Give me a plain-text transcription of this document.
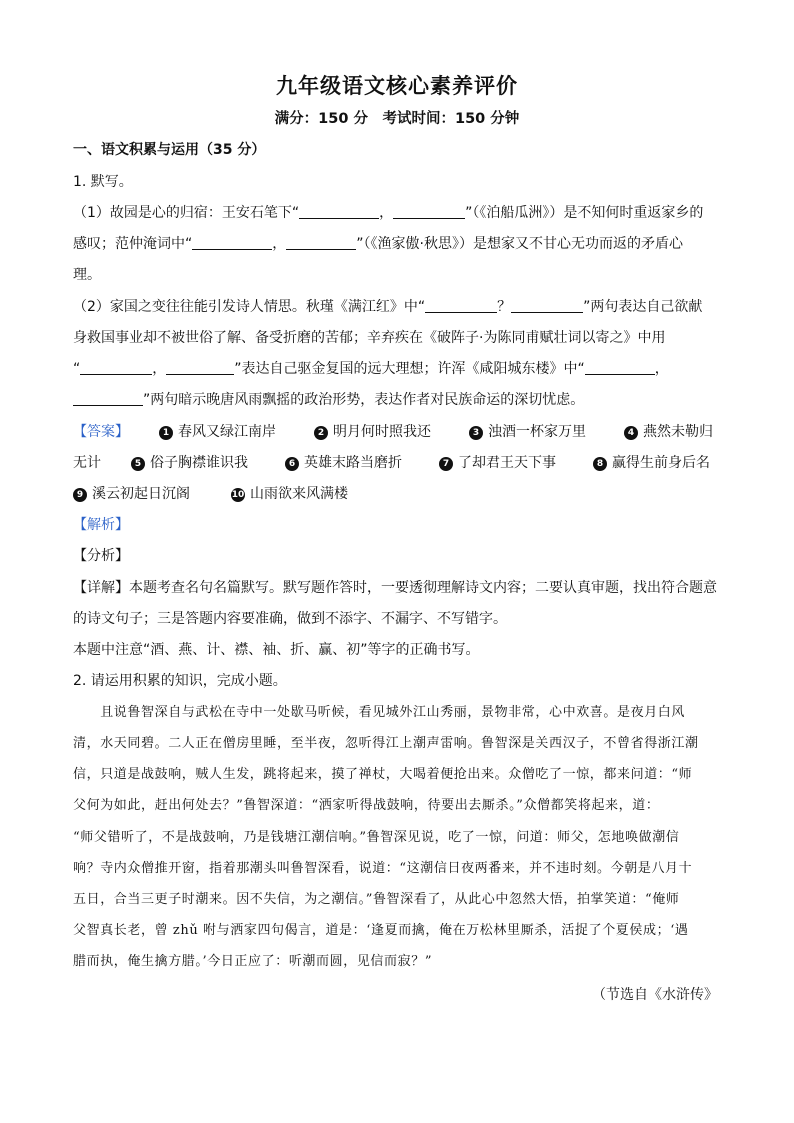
九年级语文核心素养评价
满分：150 分　考试时间：150 分钟
一、语文积累与运用（35 分）
1. 默写。
（1）故园是心的归宿：王安石笔下“	，	”（《泊船瓜洲》）是不知何时重返家乡的
感叹；范仲淹词中“	，	”（《渔家傲·秋思》）是想家又不甘心无功而返的矛盾心
理。
（2）家国之变往往能引发诗人情思。秋瑾《满江红》中“	？	”两句表达自己欲献
身救国事业却不被世俗了解、备受折磨的苦郁；辛弃疾在《破阵子·为陈同甫赋壮词以寄之》中用
“	，	”表达自己驱金复国的远大理想；许浑《咸阳城东楼》中“	，
”两句暗示晚唐风雨飘摇的政治形势，表达作者对民族命运的深切忧虑。
【答案】	1 春风又绿江南岸	2 明月何时照我还	3 浊酒一杯家万里	4 燕然未勒归
无计	5 俗子胸襟谁识我	6 英雄末路当磨折	7 了却君王天下事	8 赢得生前身后名
9 溪云初起日沉阁	10 山雨欲来风满楼
【解析】
【分析】
【详解】本题考查名句名篇默写。默写题作答时，一要透彻理解诗文内容；二要认真审题，找出符合题意
的诗文句子；三是答题内容要准确，做到不添字、不漏字、不写错字。
本题中注意“酒、燕、计、襟、袖、折、赢、初”等字的正确书写。
2. 请运用积累的知识，完成小题。
　　且说鲁智深自与武松在寺中一处歇马听候，看见城外江山秀丽，景物非常，心中欢喜。是夜月白风
清，水天同碧。二人正在僧房里睡，至半夜，忽听得江上潮声雷响。鲁智深是关西汉子，不曾省得浙江潮
信，只道是战鼓响，贼人生发，跳将起来，摸了禅杖，大喝着便抢出来。众僧吃了一惊，都来问道：“师
父何为如此，赶出何处去？”鲁智深道：“洒家听得战鼓响，待要出去厮杀。”众僧都笑将起来，道：
“师父错听了，不是战鼓响，乃是钱塘江潮信响。”鲁智深见说，吃了一惊，问道：师父，怎地唤做潮信
响？寺内众僧推开窗，指着那潮头叫鲁智深看，说道：“这潮信日夜两番来，并不违时刻。今朝是八月十
五日，合当三更子时潮来。因不失信，为之潮信。”鲁智深看了，从此心中忽然大悟，拍掌笑道：“俺师
父智真长老，曾 zhǔ 咐与洒家四句偈言，道是：‘逢夏而擒，俺在万松林里厮杀，活捉了个夏侯成；‘遇
腊而执，俺生擒方腊。’今日正应了：听潮而圆，见信而寂？”
（节选自《水浒传》
